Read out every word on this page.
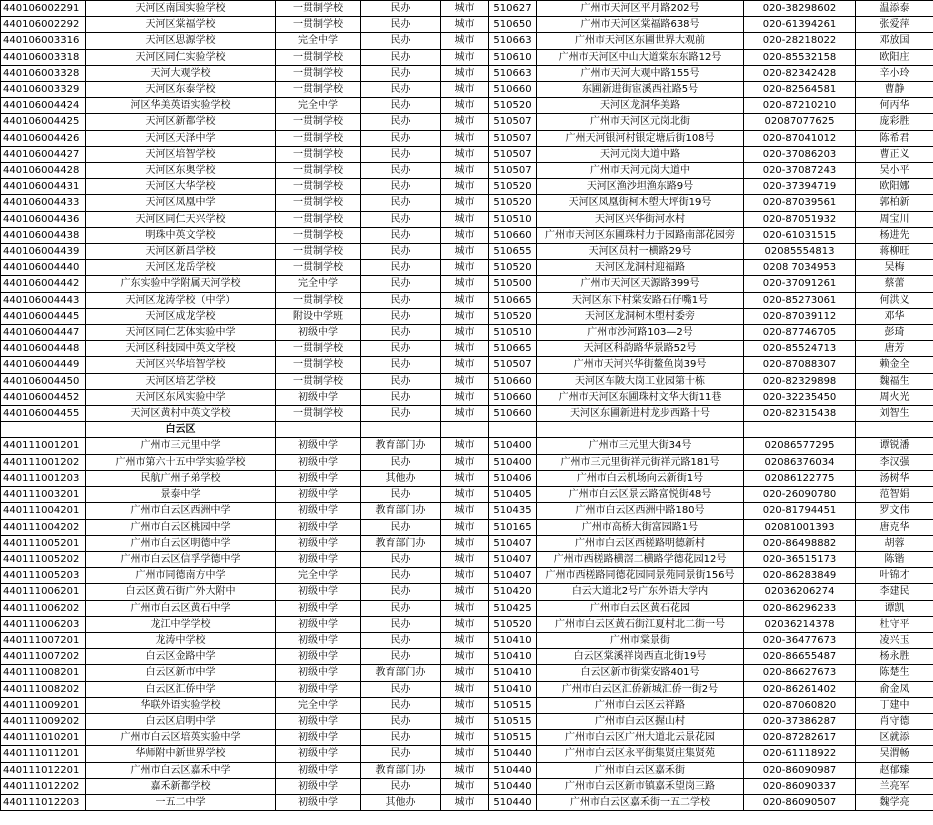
440106002291	天河区南国实验学校	一贯制学校	民办	城市	510627	广州市天河区平月路202号	020-38298602	温添泰
440106002292	天河区棠福学校	一贯制学校	民办	城市	510650	广州市天河区棠福路638号	020-61394261	张爱萍
440106003316	天河区思源学校	完全中学	民办	城市	510663	广州市天河区东圃世界大观前	020-28218022	邓放国
440106003318	天河区同仁实验学校	一贯制学校	民办	城市	510610	广州市天河区中山大道棠东东路12号	020-85532158	欧阳庄
440106003328	天河大观学校	一贯制学校	民办	城市	510663	广州市天河大观中路155号	020-82342428	辛小玲
440106003329	天河区东泰学校	一贯制学校	民办	城市	510660	东圃新进街宦溪西社路5号	020-82564581	曹静
440106004424	河区华美英语实验学校	完全中学	民办	城市	510520	天河区龙洞华美路	020-87210210	何丙华
440106004425	天河区新都学校	一贯制学校	民办	城市	510507	广州市天河区元岗北街	02087077625	庞彩胜
440106004426	天河区天泽中学	一贯制学校	民办	城市	510507	广州天河银河村银定塘后街108号	020-87041012	陈希君
440106004427	天河区培智学校	一贯制学校	民办	城市	510507	天河元岗大道中路	020-37086203	曹正义
440106004428	天河区东奥学校	一贯制学校	民办	城市	510507	广州市天河元岗大道中	020-37087243	吴小平
440106004431	天河区大华学校	一贯制学校	民办	城市	510520	天河区渔沙坦渔东路9号	020-37394719	欧阳娜
440106004433	天河区凤凰中学	一贯制学校	民办	城市	510520	天河区凤凰街柯木塱大坪街19号	020-87039561	郭柏新
440106004436	天河区同仁天兴学校	一贯制学校	民办	城市	510510	天河区兴华街河水村	020-87051932	周宝川
440106004438	明珠中英文学校	一贯制学校	民办	城市	510660	广州市天河区东圃珠村力于园路南部花园旁	020-61031515	杨进先
440106004439	天河区新昌学校	一贯制学校	民办	城市	510655	天河区员村一横路29号	02085554813	蒋柳旺
440106004440	天河区龙岳学校	一贯制学校	民办	城市	510520	天河区龙洞村迎福路	0208 7034953	吴梅
440106004442	广东实验中学附属天河学校	完全中学	民办	城市	510500	广州市天河区天源路399号	020-37091261	蔡蕾
440106004443	天河区龙涛学校（中学）	一贯制学校	民办	城市	510665	天河区东下村棠安路石仔嘴1号	020-85273061	何洪义
440106004445	天河区成龙学校	附设中学班	民办	城市	510520	天河区龙洞柯木塱村委旁	020-87039112	邓华
440106004447	天河区同仁艺体实验中学	初级中学	民办	城市	510510	广州市沙河路103—2号	020-87746705	彭琦
440106004448	天河区科技园中英文学校	一贯制学校	民办	城市	510665	天河区科韵路华景路52号	020-85524713	唐芳
440106004449	天河区兴华培智学校	一贯制学校	民办	城市	510507	广州市天河兴华街鳌鱼岗39号	020-87088307	赖金全
440106004450	天河区培艺学校	一贯制学校	民办	城市	510660	天河区车陂大岗工业园第十栋	020-82329898	魏福生
440106004452	天河区东风实验中学	初级中学	民办	城市	510660	广州市天河区东圃珠村文华大街11巷	020-32235450	周火光
440106004455	天河区黄村中英文学校	一贯制学校	民办	城市	510660	天河区东圃新进村龙步西路十号	020-82315438	刘智生
	白云区							
440111001201	广州市三元里中学	初级中学	教育部门办	城市	510400	广州市三元里大街34号	02086577295	谭锐潘
440111001202	广州市第六十五中学实验学校	初级中学	民办	城市	510400	广州市三元里街祥元街祥元路181号	02086376034	李汉强
440111001203	民航广州子弟学校	初级中学	其他办	城市	510406	广州市白云机场向云新街1号	02086122775	汤树华
440111003201	景泰中学	初级中学	民办	城市	510405	广州市白云区景云路富悦街48号	020-26090780	范智娟
440111004201	广州市白云区西洲中学	初级中学	教育部门办	城市	510435	广州市白云区西洲中路180号	020-81794451	罗文伟
440111004202	广州市白云区桃园中学	初级中学	民办	城市	510165	广州市高桥大街富园路1号	02081001393	唐克华
440111005201	广州市白云区明德中学	初级中学	教育部门办	城市	510407	广州市白云区西槎路明德新村	020-86498882	胡蓉
440111005202	广州市白云区信孚学德中学	初级中学	民办	城市	510407	广州市西槎路横滘二横路学德花园12号	020-36515173	陈锴
440111005203	广州市同德南方中学	完全中学	民办	城市	510407	广州市西槎路同德花园同景苑同景街156号	020-86283849	叶锦才
440111006201	白云区黄石街广外大附中	初级中学	民办	城市	510420	白云大道北2号广东外语大学内	02036206274	李建民
440111006202	广州市白云区黄石中学	初级中学	民办	城市	510425	广州市白云区黄石花园	020-86296233	谭凯
440111006203	龙江中学学校	初级中学	民办	城市	510520	广州市白云区黄石街江夏村北二街一号	02036214378	杜守平
440111007201	龙涛中学校	初级中学	民办	城市	510410	广州市棠景街	020-36477673	凌兴玉
440111007202	白云区金路中学	初级中学	民办	城市	510410	白云区棠溪祥岗西直北街19号	020-86655487	杨永胜
440111008201	白云区新市中学	初级中学	教育部门办	城市	510410	白云区新市街棠安路401号	020-86627673	陈楚生
440111008202	白云区汇侨中学	初级中学	民办	城市	510410	广州市白云区汇侨新城汇侨一街2号	020-86261402	俞金凤
440111009201	华联外语实验学校	完全中学	民办	城市	510515	广州市白云区云祥路	020-87060820	丁建中
440111009202	白云区启明中学	初级中学	民办	城市	510515	广州市白云区握山村	020-37386287	肖守德
440111010201	广州市白云区培英实验中学	初级中学	民办	城市	510515	广州市白云区广州大道北云景花园	020-87282617	区就添
440111011201	华师附中新世界学校	初级中学	民办	城市	510440	广州市白云区永平街集贤庄集贤苑	020-61118922	吴渭畅
440111012201	广州市白云区嘉禾中学	初级中学	教育部门办	城市	510440	广州市白云区嘉禾街	020-86090987	赵郁臻
440111012202	嘉禾新都学校	初级中学	民办	城市	510440	广州市白云区新市镇嘉禾望岗三路	020-86090337	兰亮军
440111012203	一五二中学	初级中学	其他办	城市	510440	广州市白云区嘉禾街一五二学校	020-86090507	魏学亮
